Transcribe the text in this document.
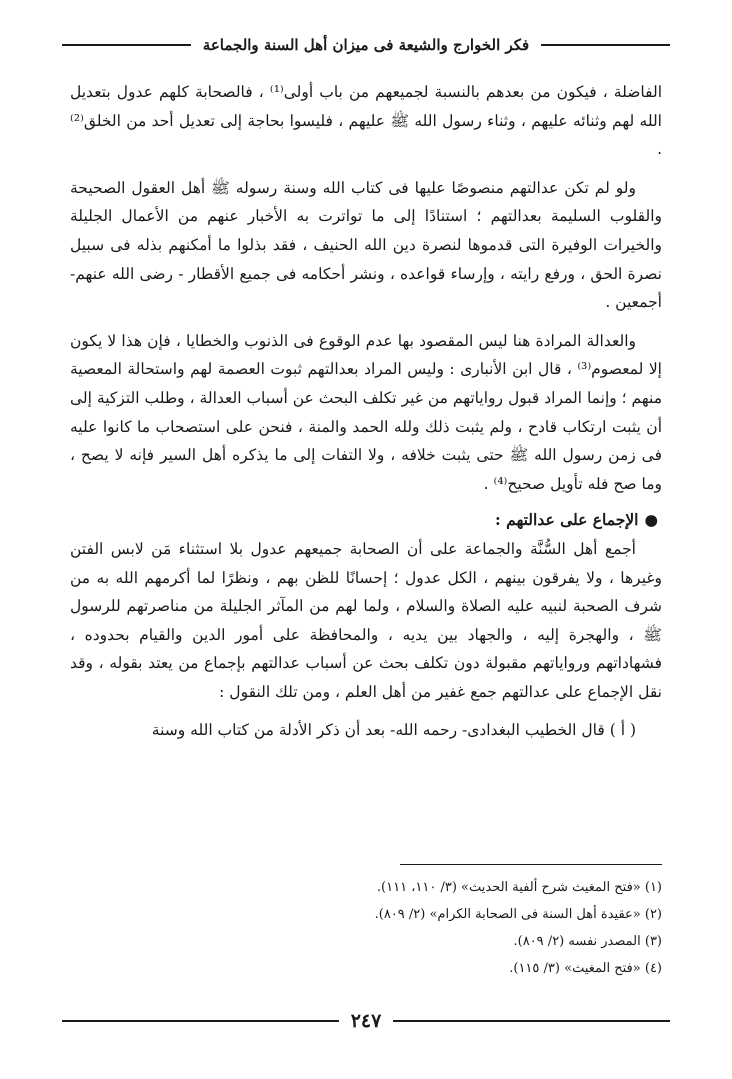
فكر الخوارج والشيعة فى ميزان أهل السنة والجماعة

الفاضلة ، فيكون من بعدهم بالنسبة لجميعهم من باب أولى⁽¹⁾ ، فالصحابة كلهم عدول بتعديل الله لهم وثنائه عليهم ، وثناء رسول الله ﷺ عليهم ، فليسوا بحاجة إلى تعديل أحد من الخلق⁽²⁾ .

ولو لم تكن عدالتهم منصوصًا عليها فى كتاب الله وسنة رسوله ﷺ أهل العقول الصحيحة والقلوب السليمة بعدالتهم ؛ استنادًا إلى ما تواترت به الأخبار عنهم من الأعمال الجليلة والخيرات الوفيرة التى قدموها لنصرة دين الله الحنيف ، فقد بذلوا ما أمكنهم بذله فى سبيل نصرة الحق ، ورفع رايته ، وإرساء قواعده ، ونشر أحكامه فى جميع الأقطار - رضى الله عنهم- أجمعين .

والعدالة المرادة هنا ليس المقصود بها عدم الوقوع فى الذنوب والخطايا ، فإن هذا لا يكون إلا لمعصوم⁽³⁾ ، قال ابن الأنبارى : وليس المراد بعدالتهم ثبوت العصمة لهم واستحالة المعصية منهم ؛ وإنما المراد قبول رواياتهم من غير تكلف البحث عن أسباب العدالة ، وطلب التزكية إلى أن يثبت ارتكاب قادح ، ولم يثبت ذلك ولله الحمد والمنة ، فنحن على استصحاب ما كانوا عليه فى زمن رسول الله ﷺ حتى يثبت خلافه ، ولا التفات إلى ما يذكره أهل السير فإنه لا يصح ، وما صح فله تأويل صحيح⁽⁴⁾ .

●الإجماع على عدالتهم :

أجمع أهل السُّنَّة والجماعة على أن الصحابة جميعهم عدول بلا استثناء مَن لابس الفتن وغيرها ، ولا يفرقون بينهم ، الكل عدول ؛ إحسانًا للظن بهم ، ونظرًا لما أكرمهم الله به من شرف الصحبة لنبيه عليه الصلاة والسلام ، ولما لهم من المآثر الجليلة من مناصرتهم للرسول ﷺ ، والهجرة إليه ، والجهاد بين يديه ، والمحافظة على أمور الدين والقيام بحدوده ، فشهاداتهم ورواياتهم مقبولة دون تكلف بحث عن أسباب عدالتهم بإجماع من يعتد بقوله ، وقد نقل الإجماع على عدالتهم جمع غفير من أهل العلم ، ومن تلك النقول :

( أ ) قال الخطيب البغدادى- رحمه الله- بعد أن ذكر الأدلة من كتاب الله وسنة

(١) «فتح المغيث شرح ألفية الحديث» (٣/ ١١٠، ١١١).
(٢) «عقيدة أهل السنة فى الصحابة الكرام» (٢/ ٨٠٩).
(٣) المصدر نفسه (٢/ ٨٠٩).
(٤) «فتح المغيث» (٣/ ١١٥).
٢٤٧
